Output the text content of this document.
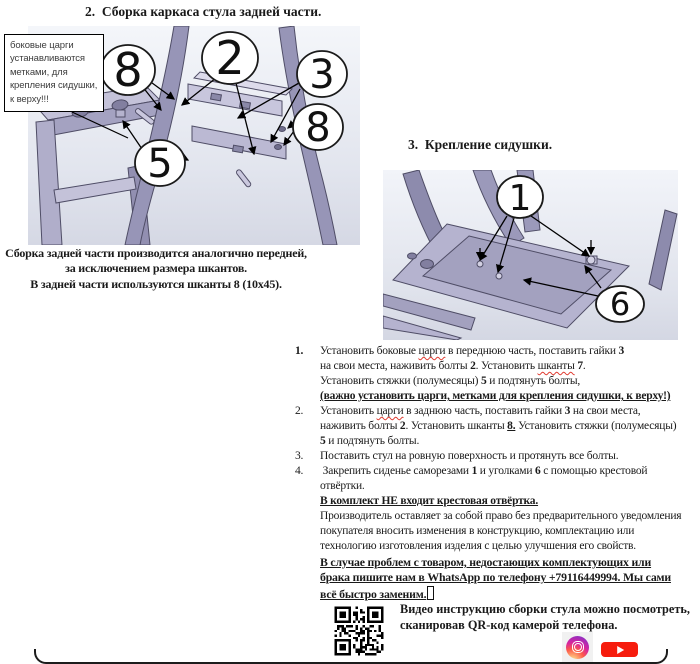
2.  Сборка каркаса стула задней части.
8 2 3
8
5
боковые царги
устанавливаются
метками, для
крепления сидушки,
к верху!!!
Сборка задней части производится аналогично передней,
за исключением размера шкантов.
В задней части используются шканты 8 (10x45).
3.  Крепление сидушки.
1
6
1.	Установить боковые царги в переднюю часть, поставить гайки 3
на свои места, наживить болты 2. Установить шканты 7.
Установить стяжки (полумесяцы) 5 и подтянуть болты,
(важно установить царги, метками для крепления сидушки, к верху!)
2.	Установить царги в заднюю часть, поставить гайки 3 на свои места,
наживить болты 2. Установить шканты 8. Установить стяжки (полумесяцы)
5 и подтянуть болты.
3.	Поставить стул на ровную поверхность и протянуть все болты.
4.	Закрепить сиденье саморезами 1 и уголками 6 с помощью крестовой
отвёртки.
В комплект НЕ входит крестовая отвёртка.
Производитель оставляет за собой право без предварительного уведомления
покупателя вносить изменения в конструкцию, комплектацию или
технологию изготовления изделия с целью улучшения его свойств.
В случае проблем с товаром, недостающих комплектующих или
брака пишите нам в WhatsApp по телефону +79116449994. Мы сами
всё быстро заменим.
Видео инструкцию сборки стула можно посмотреть,
сканировав QR-код камерой телефона.
